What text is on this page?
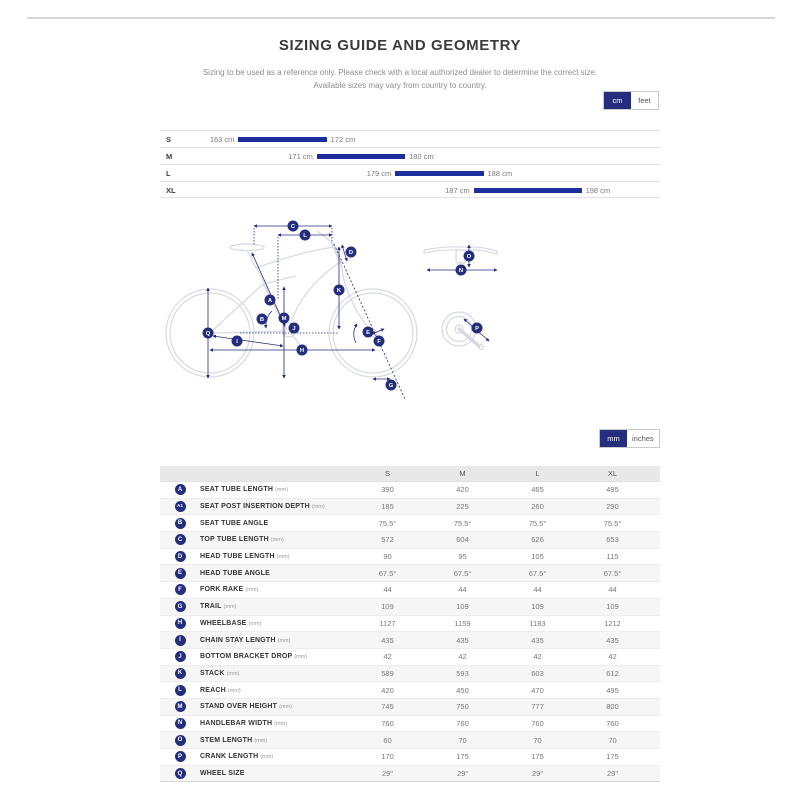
SIZING GUIDE AND GEOMETRY
Sizing to be used as a reference only. Please check with a local authorized dealer to determine the correct size.
Available sizes may vary from country to country.
cm	feet
S	163 cm	172 cm
M	171 cm	180 cm
L	179 cm	188 cm
XL	187 cm	198 cm
C
L
D
A
K
B	M
J
E
F
Q
I
H
G
O
N
P
mm	inches
S	M	L	XL
A	SEAT TUBE LENGTH (mm)	390	420	465	495
A1	SEAT POST INSERTION DEPTH (mm)	185	225	260	290
B	SEAT TUBE ANGLE	75.5°	75.5°	75.5°	75.5°
C	TOP TUBE LENGTH (mm)	572	604	626	653
D	HEAD TUBE LENGTH (mm)	90	95	105	115
E	HEAD TUBE ANGLE	67.5°	67.5°	67.5°	67.5°
F	FORK RAKE (mm)	44	44	44	44
G	TRAIL (mm)	109	109	109	109
H	WHEELBASE (mm)	1127	1159	1183	1212
I	CHAIN STAY LENGTH (mm)	435	435	435	435
J	BOTTOM BRACKET DROP (mm)	42	42	42	42
K	STACK (mm)	589	593	603	612
L	REACH (mm)	420	450	470	495
M	STAND OVER HEIGHT (mm)	745	750	777	800
N	HANDLEBAR WIDTH (mm)	760	760	760	760
O	STEM LENGTH (mm)	60	70	70	70
P	CRANK LENGTH (mm)	170	175	175	175
Q	WHEEL SIZE	29"	29"	29"	29"
